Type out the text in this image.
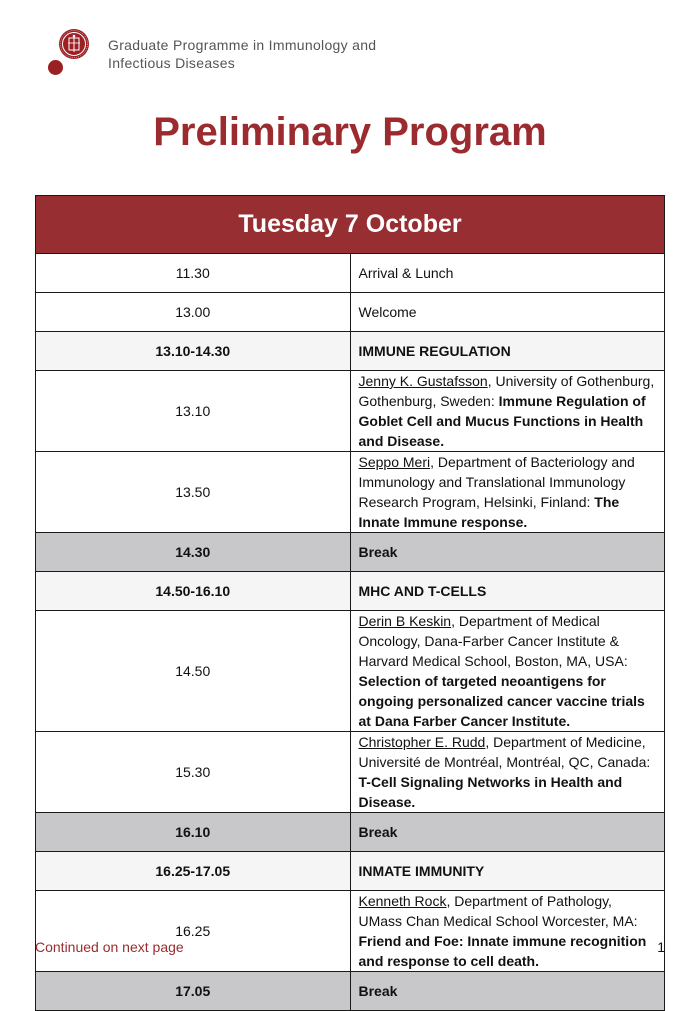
Graduate Programme in Immunology and
Infectious Diseases
Preliminary Program
Tuesday 7 October	
11.30	Arrival & Lunch
13.00	Welcome
13.10-14.30	IMMUNE REGULATION
13.10	Jenny K. Gustafsson, University of Gothenburg, Gothenburg, Sweden: Immune Regulation of Goblet Cell and Mucus Functions in Health and Disease.
13.50	Seppo Meri, Department of Bacteriology and Immunology and Translational Immunology Research Program, Helsinki, Finland: The Innate Immune response.
14.30	Break
14.50-16.10	MHC AND T-CELLS
14.50	Derin B Keskin, Department of Medical Oncology, Dana-Farber Cancer Institute & Harvard Medical School, Boston, MA, USA: Selection of targeted neoantigens for ongoing personalized cancer vaccine trials at Dana Farber Cancer Institute.
15.30	Christopher E. Rudd, Department of Medicine, Université de Montréal, Montréal, QC, Canada: T-Cell Signaling Networks in Health and Disease.
16.10	Break
16.25-17.05	INMATE IMMUNITY
16.25	Kenneth Rock, Department of Pathology, UMass Chan Medical School Worcester, MA: Friend and Foe: Innate immune recognition and response to cell death.
17.05	Break
Continued on next page	1
